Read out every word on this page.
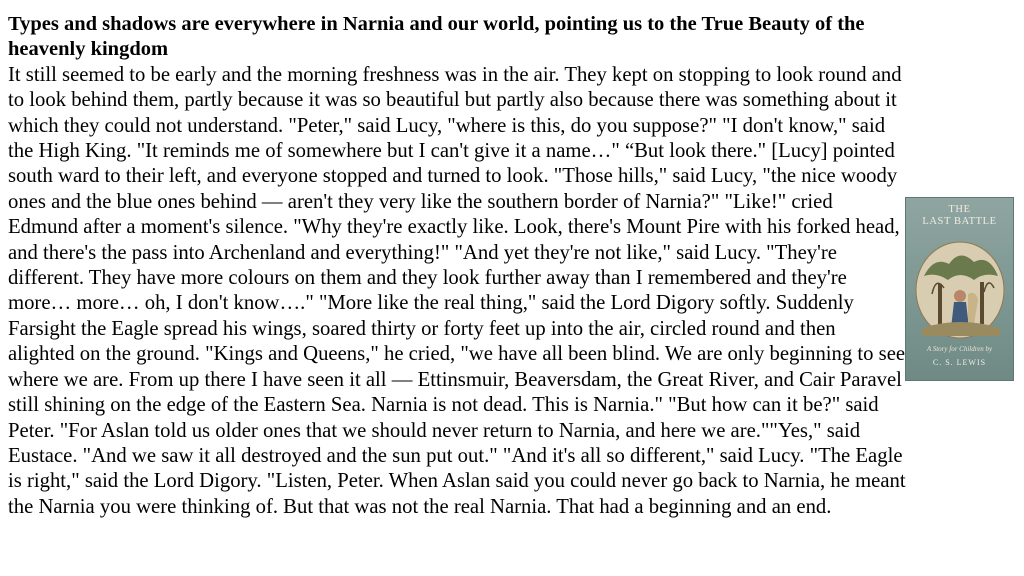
Types and shadows are everywhere in Narnia and our world, pointing us to the True Beauty of the heavenly kingdom

It still seemed to be early and the morning freshness was in the air. They kept on stopping to look round and to look behind them, partly because it was so beautiful but partly also because there was something about it which they could not understand. "Peter," said Lucy, "where is this, do you suppose?" "I don't know," said the High King. "It reminds me of somewhere but I can't give it a name…" “But look there." [Lucy] pointed south ward to their left, and everyone stopped and turned to look. "Those hills," said Lucy, "the nice woody ones and the blue ones behind — aren't they very like the southern border of Narnia?" "Like!" cried Edmund after a moment's silence. "Why they're exactly like. Look, there's Mount Pire with his forked head, and there's the pass into Archenland and everything!" "And yet they're not like," said Lucy. "They're different. They have more colours on them and they look further away than I remembered and they're more… more… oh, I don't know…." "More like the real thing," said the Lord Digory softly. Suddenly Farsight the Eagle spread his wings, soared thirty or forty feet up into the air, circled round and then alighted on the ground. "Kings and Queens," he cried, "we have all been blind. We are only beginning to see where we are. From up there I have seen it all — Ettinsmuir, Beaversdam, the Great River, and Cair Paravel still shining on the edge of the Eastern Sea. Narnia is not dead. This is Narnia." "But how can it be?" said Peter. "For Aslan told us older ones that we should never return to Narnia, and here we are.""Yes," said Eustace. "And we saw it all destroyed and the sun put out." "And it's all so different," said Lucy. "The Eagle is right," said the Lord Digory. "Listen, Peter. When Aslan said you could never go back to Narnia, he meant the Narnia you were thinking of. But that was not the real Narnia. That had a beginning and an end.

THE
LAST BATTLE
A Story for Children by
C. S. LEWIS
